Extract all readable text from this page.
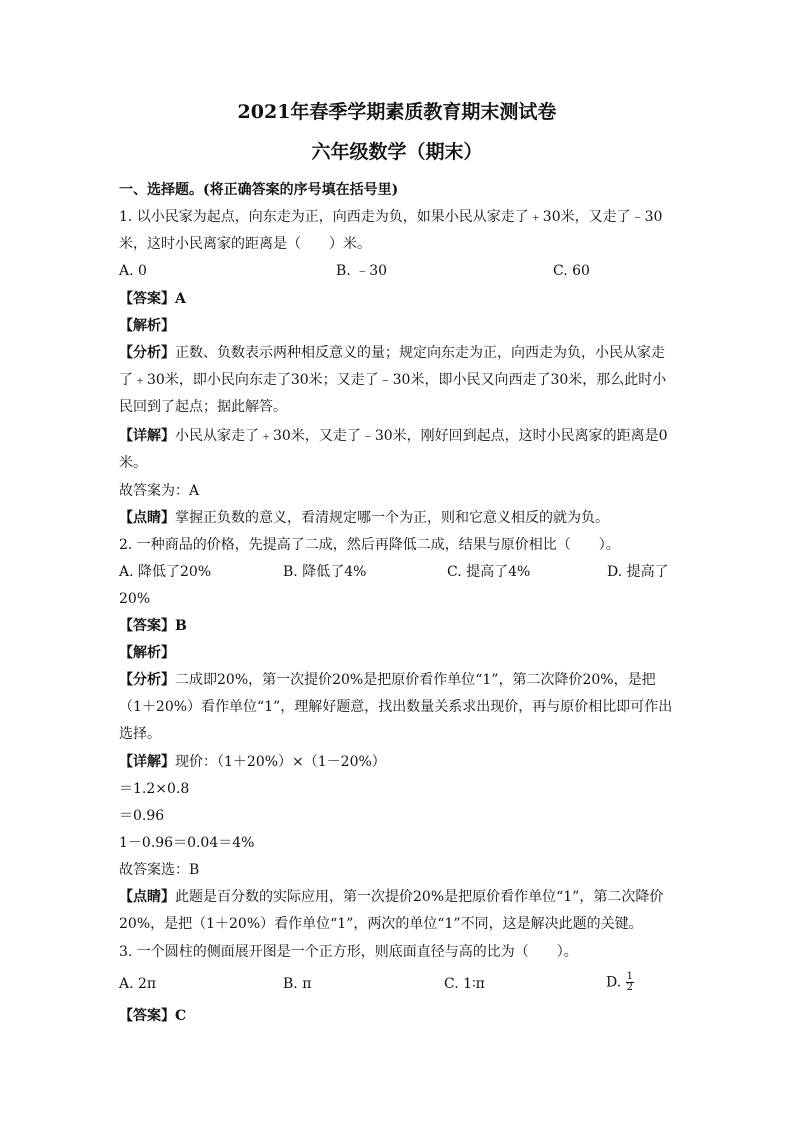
2021年春季学期素质教育期末测试卷
六年级数学（期末）
一、选择题。(将正确答案的序号填在括号里)
1. 以小民家为起点，向东走为正，向西走为负，如果小民从家走了﹢30米，又走了﹣30
米，这时小民离家的距离是（　　）米。
A. 0	B. ﹣30	C. 60
【答案】A
【解析】
【分析】正数、负数表示两种相反意义的量；规定向东走为正，向西走为负，小民从家走
了﹢30米，即小民向东走了30米；又走了﹣30米，即小民又向西走了30米，那么此时小
民回到了起点；据此解答。
【详解】小民从家走了﹢30米，又走了﹣30米，刚好回到起点，这时小民离家的距离是0
米。
故答案为：A
【点睛】掌握正负数的意义，看清规定哪一个为正，则和它意义相反的就为负。
2. 一种商品的价格，先提高了二成，然后再降低二成，结果与原价相比（　　）。
A. 降低了20%	B. 降低了4%	C. 提高了4%	D. 提高了
20%
【答案】B
【解析】
【分析】二成即20%，第一次提价20%是把原价看作单位“1”，第二次降价20%，是把
（1＋20%）看作单位“1”，理解好题意，找出数量关系求出现价，再与原价相比即可作出
选择。
【详解】现价：（1＋20%）×（1－20%）
＝1.2×0.8
＝0.96
1－0.96＝0.04＝4%
故答案选：B
【点睛】此题是百分数的实际应用，第一次提价20%是把原价看作单位“1”，第二次降价
20%，是把（1＋20%）看作单位“1”，两次的单位“1”不同，这是解决此题的关键。
3. 一个圆柱的侧面展开图是一个正方形，则底面直径与高的比为（　　）。
A. 2π	B. π	C. 1∶π	D. $\frac{1}{2}$
【答案】C
